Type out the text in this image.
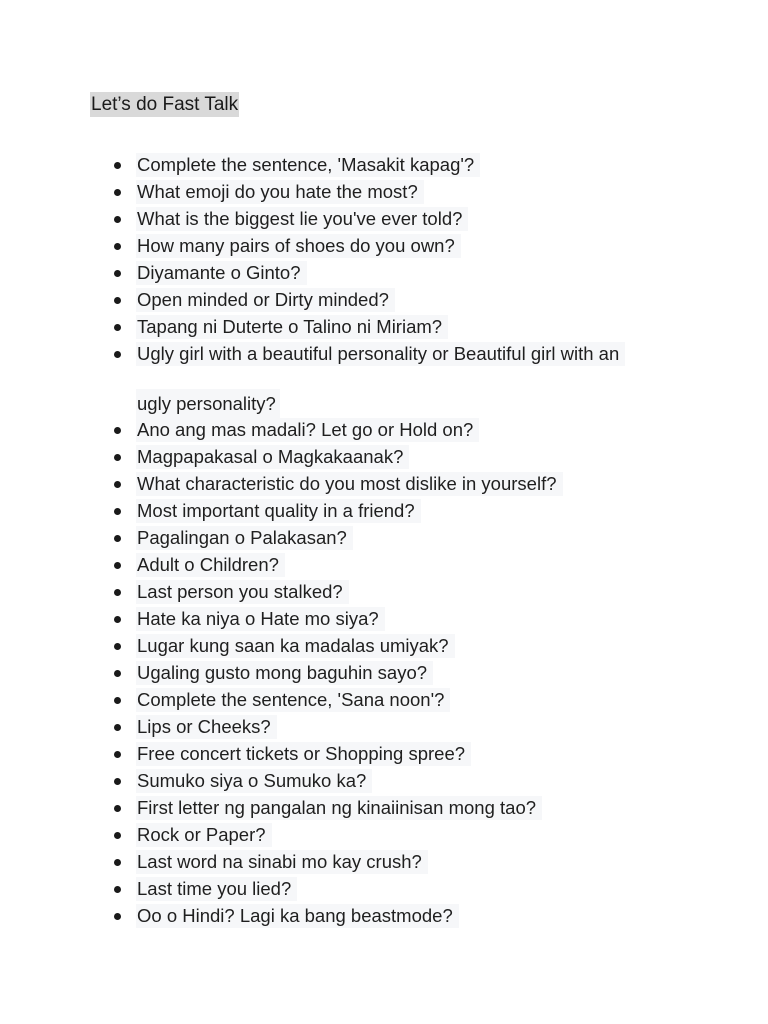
Let’s do Fast Talk
Complete the sentence, 'Masakit kapag'?
What emoji do you hate the most?
What is the biggest lie you've ever told?
How many pairs of shoes do you own?
Diyamante o Ginto?
Open minded or Dirty minded?
Tapang ni Duterte o Talino ni Miriam?
Ugly girl with a beautiful personality or Beautiful girl with an
ugly personality?
Ano ang mas madali? Let go or Hold on?
Magpapakasal o Magkakaanak?
What characteristic do you most dislike in yourself?
Most important quality in a friend?
Pagalingan o Palakasan?
Adult o Children?
Last person you stalked?
Hate ka niya o Hate mo siya?
Lugar kung saan ka madalas umiyak?
Ugaling gusto mong baguhin sayo?
Complete the sentence, 'Sana noon'?
Lips or Cheeks?
Free concert tickets or Shopping spree?
Sumuko siya o Sumuko ka?
First letter ng pangalan ng kinaiinisan mong tao?
Rock or Paper?
Last word na sinabi mo kay crush?
Last time you lied?
Oo o Hindi? Lagi ka bang beastmode?
